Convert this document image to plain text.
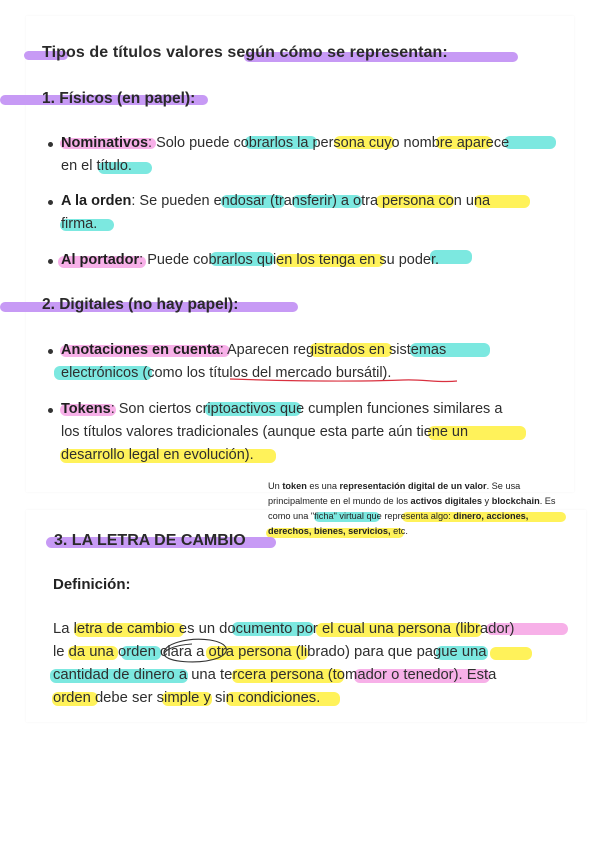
Tipos de títulos valores según cómo se representan:
1. Físicos (en papel):
Nominativos: Solo puede cobrarlos la persona cuyo nombre aparece
en el título.
A la orden: Se pueden endosar (transferir) a otra persona con una
firma.
Al portador: Puede cobrarlos quien los tenga en su poder.
2. Digitales (no hay papel):
Anotaciones en cuenta: Aparecen registrados en sistemas
electrónicos (como los títulos del mercado bursátil).
Tokens: Son ciertos criptoactivos que cumplen funciones similares a
los títulos valores tradicionales (aunque esta parte aún tiene un
desarrollo legal en evolución).
Un token es una representación digital de un valor. Se usa
principalmente en el mundo de los activos digitales y blockchain. Es
como una "ficha" virtual que representa algo: dinero, acciones,
derechos, bienes, servicios, etc.
3. LA LETRA DE CAMBIO
Definición:
La letra de cambio es un documento por el cual una persona (librador)
le da una orden clara a otra persona (librado) para que pague una
cantidad de dinero a una tercera persona (tomador o tenedor). Esta
orden debe ser simple y sin condiciones.
